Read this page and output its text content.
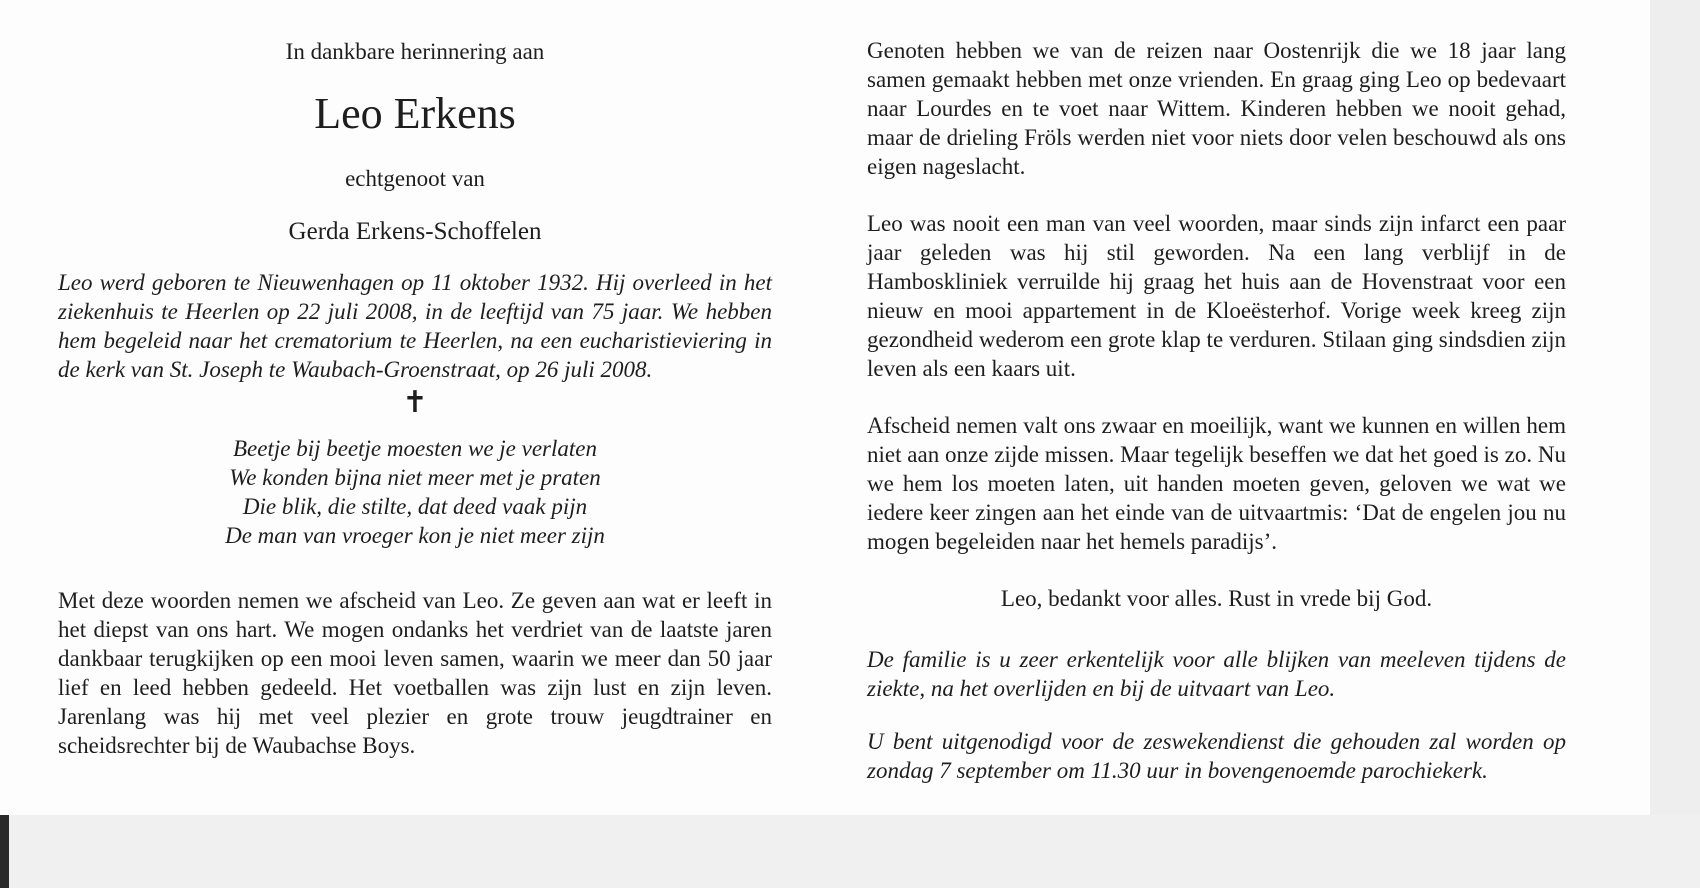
In dankbare herinnering aan

Leo Erkens

echtgenoot van

Gerda Erkens-Schoffelen

Leo werd geboren te Nieuwenhagen op 11 oktober 1932. Hij overleed in het ziekenhuis te Heerlen op 22 juli 2008, in de leeftijd van 75 jaar. We hebben hem begeleid naar het crematorium te Heerlen, na een eucharistieviering in de kerk van St. Joseph te Waubach-Groenstraat, op 26 juli 2008.

✝
Beetje bij beetje moesten we je verlaten
We konden bijna niet meer met je praten
Die blik, die stilte, dat deed vaak pijn
De man van vroeger kon je niet meer zijn

Met deze woorden nemen we afscheid van Leo. Ze geven aan wat er leeft in het diepst van ons hart. We mogen ondanks het verdriet van de laatste jaren dankbaar terugkijken op een mooi leven samen, waarin we meer dan 50 jaar lief en leed hebben gedeeld. Het voetballen was zijn lust en zijn leven. Jarenlang was hij met veel plezier en grote trouw jeugdtrainer en scheidsrechter bij de Waubachse Boys.

Genoten hebben we van de reizen naar Oostenrijk die we 18 jaar lang samen gemaakt hebben met onze vrienden. En graag ging Leo op bedevaart naar Lourdes en te voet naar Wittem. Kinderen hebben we nooit gehad, maar de drieling Fröls werden niet voor niets door velen beschouwd als ons eigen nageslacht.

Leo was nooit een man van veel woorden, maar sinds zijn infarct een paar jaar geleden was hij stil geworden. Na een lang verblijf in de Hamboskliniek verruilde hij graag het huis aan de Hovenstraat voor een nieuw en mooi appartement in de Kloeësterhof. Vorige week kreeg zijn gezondheid wederom een grote klap te verduren. Stilaan ging sindsdien zijn leven als een kaars uit.

Afscheid nemen valt ons zwaar en moeilijk, want we kunnen en willen hem niet aan onze zijde missen. Maar tegelijk beseffen we dat het goed is zo. Nu we hem los moeten laten, uit handen moeten geven, geloven we wat we iedere keer zingen aan het einde van de uitvaartmis: ‘Dat de engelen jou nu mogen begeleiden naar het hemels paradijs’.

Leo, bedankt voor alles. Rust in vrede bij God.

De familie is u zeer erkentelijk voor alle blijken van meeleven tijdens de ziekte, na het overlijden en bij de uitvaart van Leo.

U bent uitgenodigd voor de zeswekendienst die gehouden zal worden op zondag 7 september om 11.30 uur in bovengenoemde parochiekerk.
